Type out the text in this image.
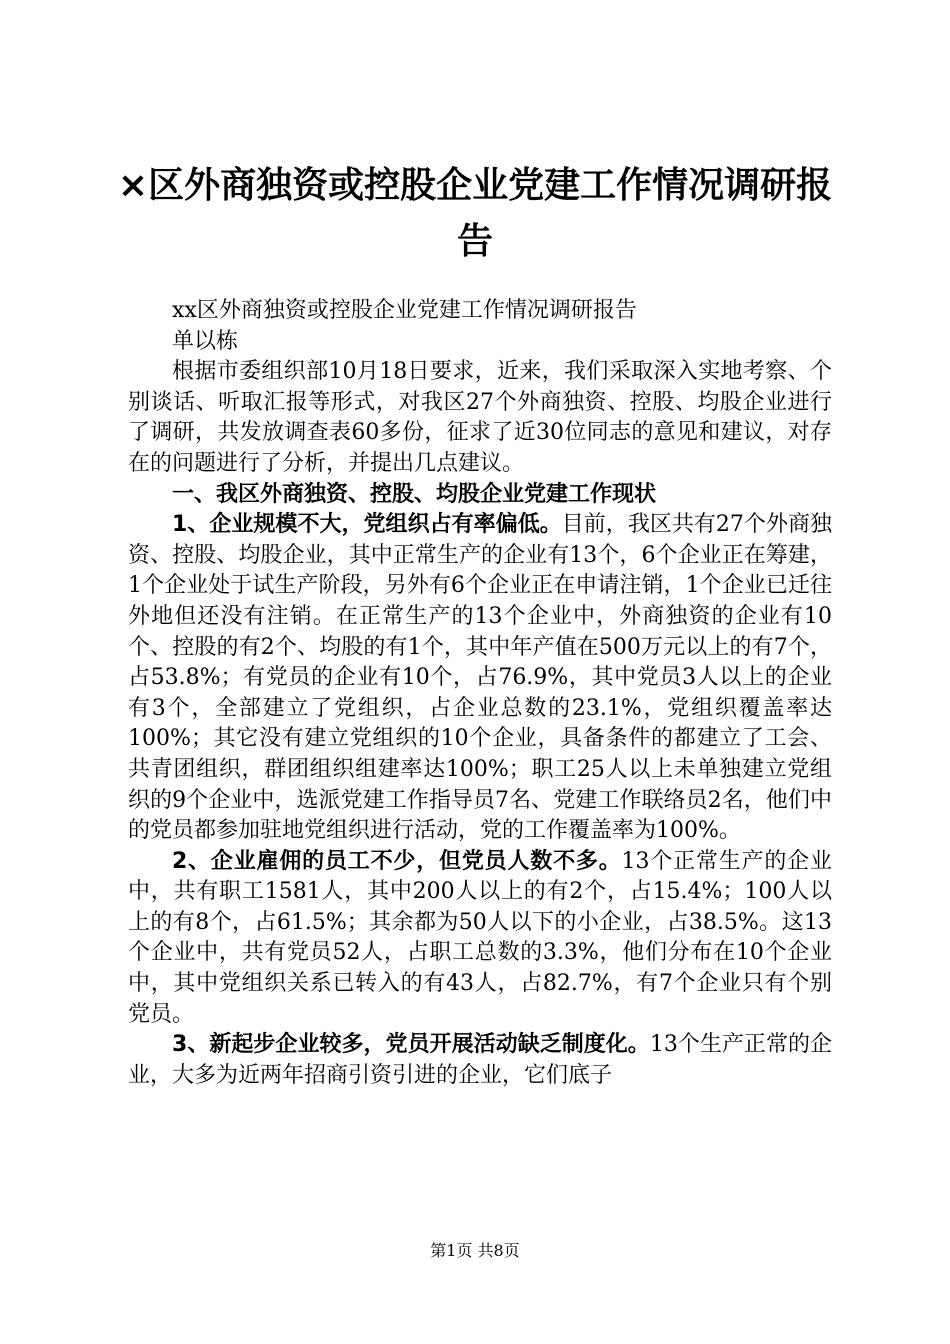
×区外商独资或控股企业党建工作情况调研报告

xx区外商独资或控股企业党建工作情况调研报告

单以栋

根据市委组织部10月18日要求，近来，我们采取深入实地考察、个别谈话、听取汇报等形式，对我区27个外商独资、控股、均股企业进行了调研，共发放调查表60多份，征求了近30位同志的意见和建议，对存在的问题进行了分析，并提出几点建议。

一、我区外商独资、控股、均股企业党建工作现状

1、企业规模不大，党组织占有率偏低。目前，我区共有27个外商独资、控股、均股企业，其中正常生产的企业有13个，6个企业正在筹建，1个企业处于试生产阶段，另外有6个企业正在申请注销，1个企业已迁往外地但还没有注销。在正常生产的13个企业中，外商独资的企业有10个、控股的有2个、均股的有1个，其中年产值在500万元以上的有7个，占53.8%；有党员的企业有10个，占76.9%，其中党员3人以上的企业有3个，全部建立了党组织，占企业总数的23.1%，党组织覆盖率达100%；其它没有建立党组织的10个企业，具备条件的都建立了工会、共青团组织，群团组织组建率达100%；职工25人以上未单独建立党组织的9个企业中，选派党建工作指导员7名、党建工作联络员2名，他们中的党员都参加驻地党组织进行活动，党的工作覆盖率为100%。

2、企业雇佣的员工不少，但党员人数不多。13个正常生产的企业中，共有职工1581人，其中200人以上的有2个，占15.4%；100人以上的有8个，占61.5%；其余都为50人以下的小企业，占38.5%。这13个企业中，共有党员52人，占职工总数的3.3%，他们分布在10个企业中，其中党组织关系已转入的有43人，占82.7%，有7个企业只有个别党员。

3、新起步企业较多，党员开展活动缺乏制度化。13个生产正常的企业，大多为近两年招商引资引进的企业，它们底子

第1页 共8页
